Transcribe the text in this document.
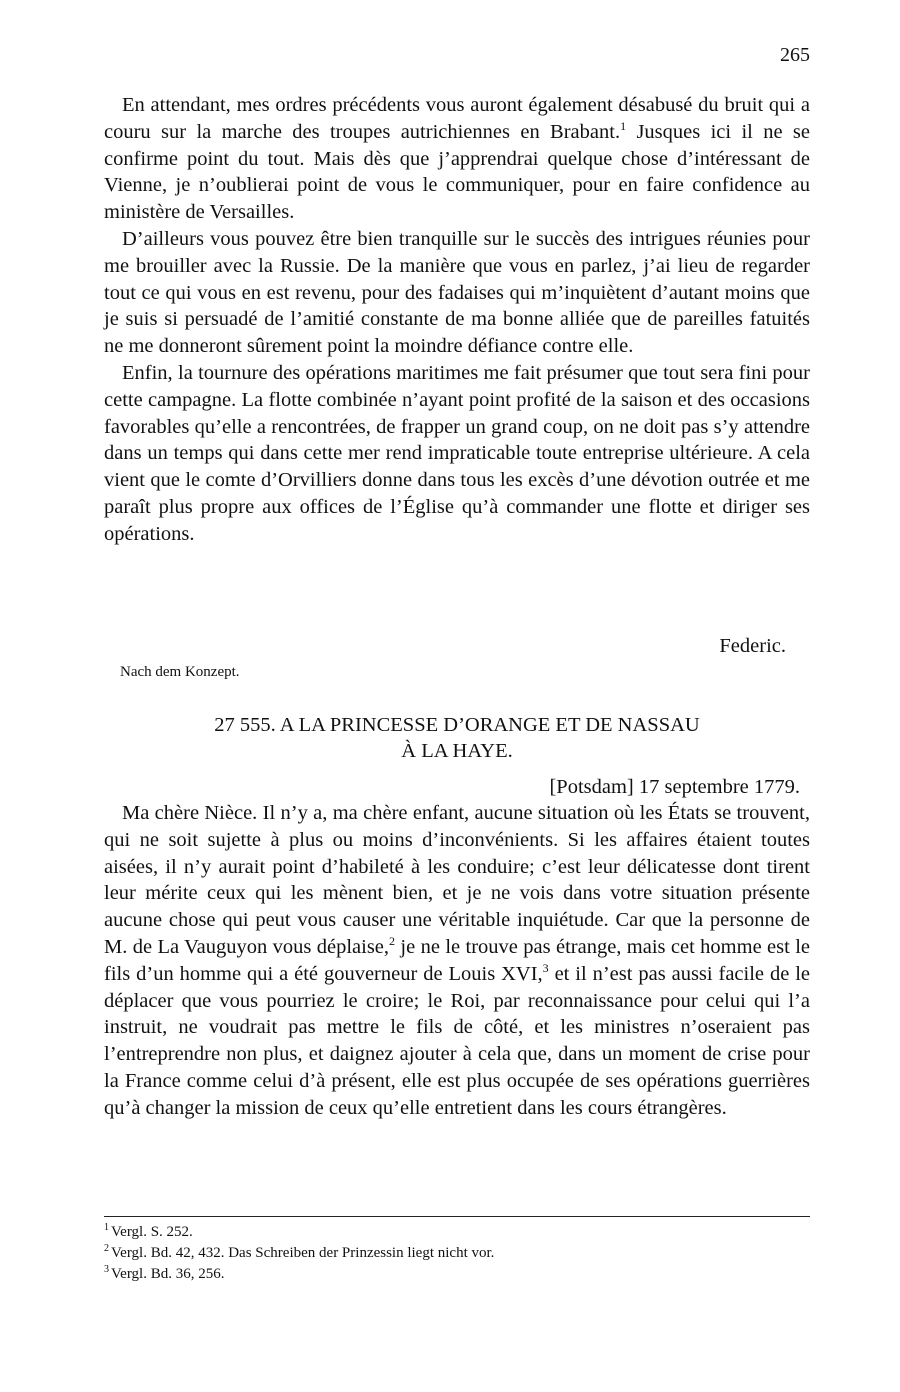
265

En attendant, mes ordres précédents vous auront également désabusé du bruit qui a couru sur la marche des troupes autrichiennes en Brabant.$^1$ Jusques ici il ne se confirme point du tout. Mais dès que j’apprendrai quelque chose d’intéressant de Vienne, je n’oublierai point de vous le communiquer, pour en faire confidence au ministère de Versailles.

D’ailleurs vous pouvez être bien tranquille sur le succès des intrigues réunies pour me brouiller avec la Russie. De la manière que vous en parlez, j’ai lieu de regarder tout ce qui vous en est revenu, pour des fadaises qui m’inquiètent d’autant moins que je suis si persuadé de l’amitié constante de ma bonne alliée que de pareilles fatuités ne me donneront sûrement point la moindre défiance contre elle.

Enfin, la tournure des opérations maritimes me fait présumer que tout sera fini pour cette campagne. La flotte combinée n’ayant point profité de la saison et des occasions favorables qu’elle a rencontrées, de frapper un grand coup, on ne doit pas s’y attendre dans un temps qui dans cette mer rend impraticable toute entreprise ultérieure. A cela vient que le comte d’Orvilliers donne dans tous les excès d’une dévotion outrée et me paraît plus propre aux offices de l’Église qu’à commander une flotte et diriger ses opérations.

Federic.
Nach dem Konzept.
27 555. A LA PRINCESSE D’ORANGE ET DE NASSAU
À LA HAYE.
[Potsdam] 17 septembre 1779.

Ma chère Nièce. Il n’y a, ma chère enfant, aucune situation où les États se trouvent, qui ne soit sujette à plus ou moins d’inconvénients. Si les affaires étaient toutes aisées, il n’y aurait point d’habileté à les conduire; c’est leur délicatesse dont tirent leur mérite ceux qui les mènent bien, et je ne vois dans votre situation présente aucune chose qui peut vous causer une véritable inquiétude. Car que la personne de M. de La Vauguyon vous déplaise,$^2$ je ne le trouve pas étrange, mais cet homme est le fils d’un homme qui a été gouverneur de Louis XVI,$^3$ et il n’est pas aussi facile de le déplacer que vous pourriez le croire; le Roi, par reconnaissance pour celui qui l’a instruit, ne voudrait pas mettre le fils de côté, et les ministres n’oseraient pas l’entreprendre non plus, et daignez ajouter à cela que, dans un moment de crise pour la France comme celui d’à présent, elle est plus occupée de ses opérations guerrières qu’à changer la mission de ceux qu’elle entretient dans les cours étrangères.

$^1$ Vergl. S. 252.
$^2$ Vergl. Bd. 42, 432. Das Schreiben der Prinzessin liegt nicht vor.
$^3$ Vergl. Bd. 36, 256.
